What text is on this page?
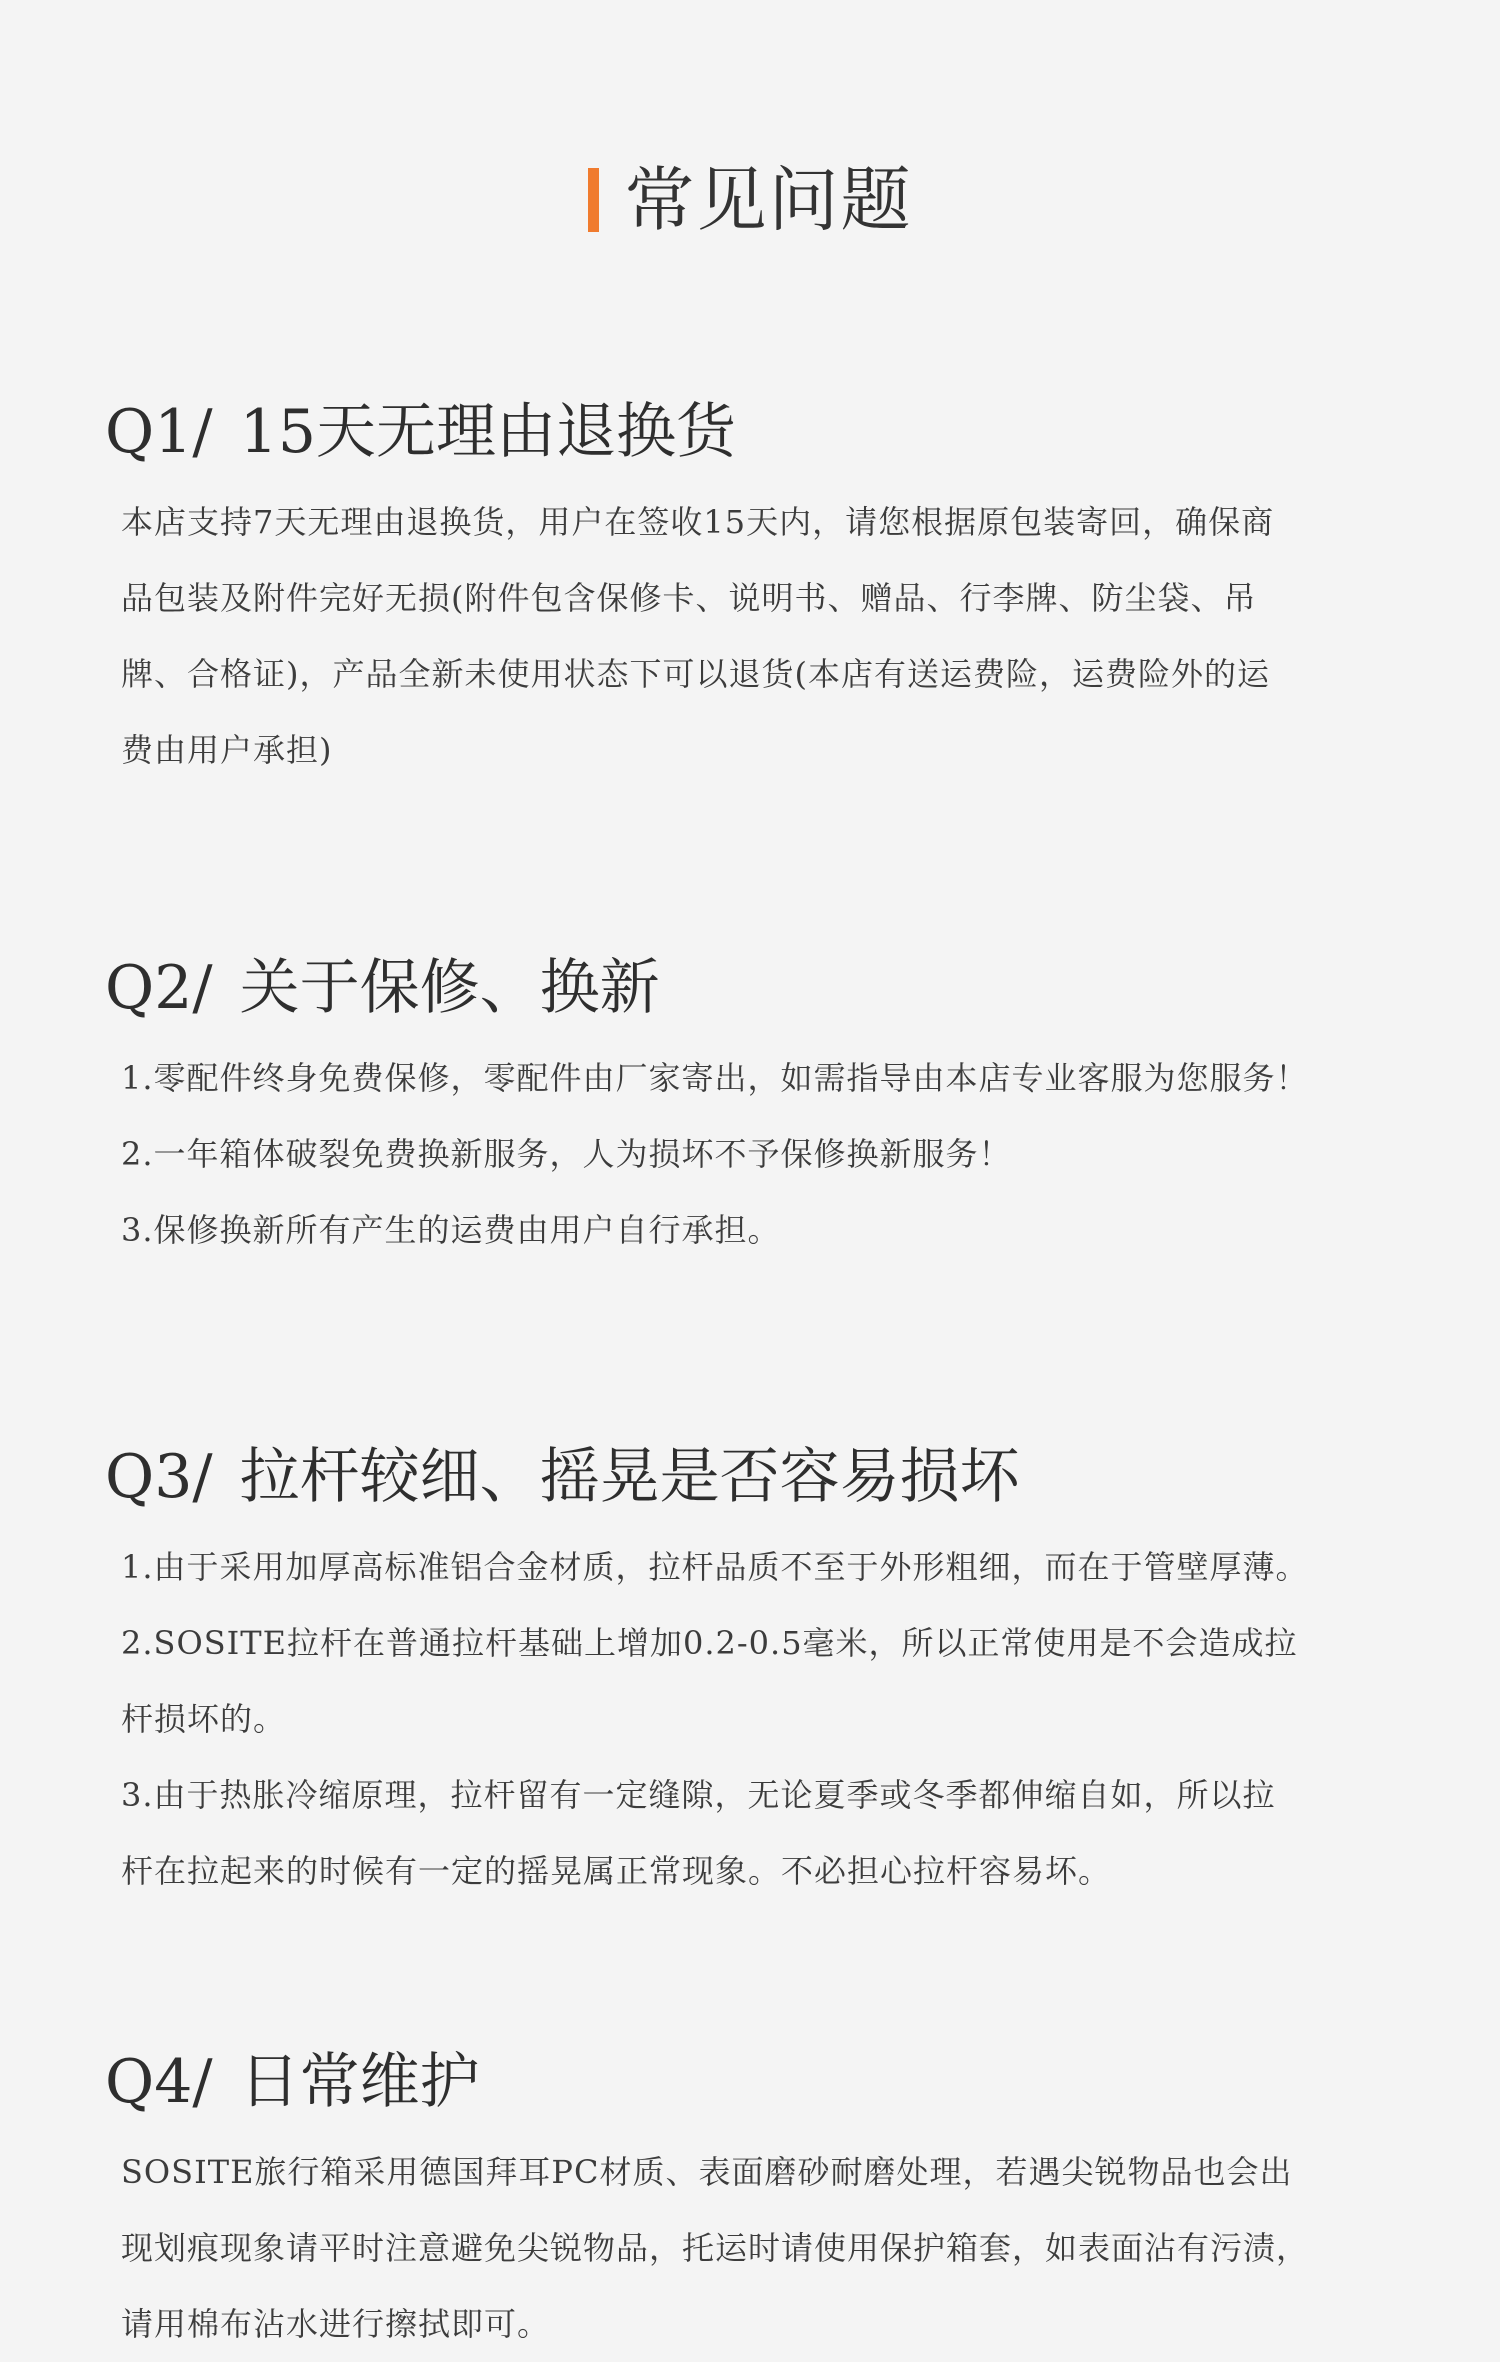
常见问题
Q1/ 15天无理由退换货

本店支持7天无理由退换货，用户在签收15天内，请您根据原包装寄回，确保商

品包装及附件完好无损(附件包含保修卡、说明书、赠品、行李牌、防尘袋、吊

牌、合格证)，产品全新未使用状态下可以退货(本店有送运费险，运费险外的运

费由用户承担)

Q2/ 关于保修、换新

1.零配件终身免费保修，零配件由厂家寄出，如需指导由本店专业客服为您服务！

2.一年箱体破裂免费换新服务，人为损坏不予保修换新服务！

3.保修换新所有产生的运费由用户自行承担。

Q3/ 拉杆较细、摇晃是否容易损坏

1.由于采用加厚高标准铝合金材质，拉杆品质不至于外形粗细，而在于管壁厚薄。

2.SOSITE拉杆在普通拉杆基础上增加0.2-0.5毫米，所以正常使用是不会造成拉

杆损坏的。

3.由于热胀冷缩原理，拉杆留有一定缝隙，无论夏季或冬季都伸缩自如，所以拉

杆在拉起来的时候有一定的摇晃属正常现象。不必担心拉杆容易坏。

Q4/ 日常维护

SOSITE旅行箱采用德国拜耳PC材质、表面磨砂耐磨处理，若遇尖锐物品也会出

现划痕现象请平时注意避免尖锐物品，托运时请使用保护箱套，如表面沾有污渍，

请用棉布沾水进行擦拭即可。
